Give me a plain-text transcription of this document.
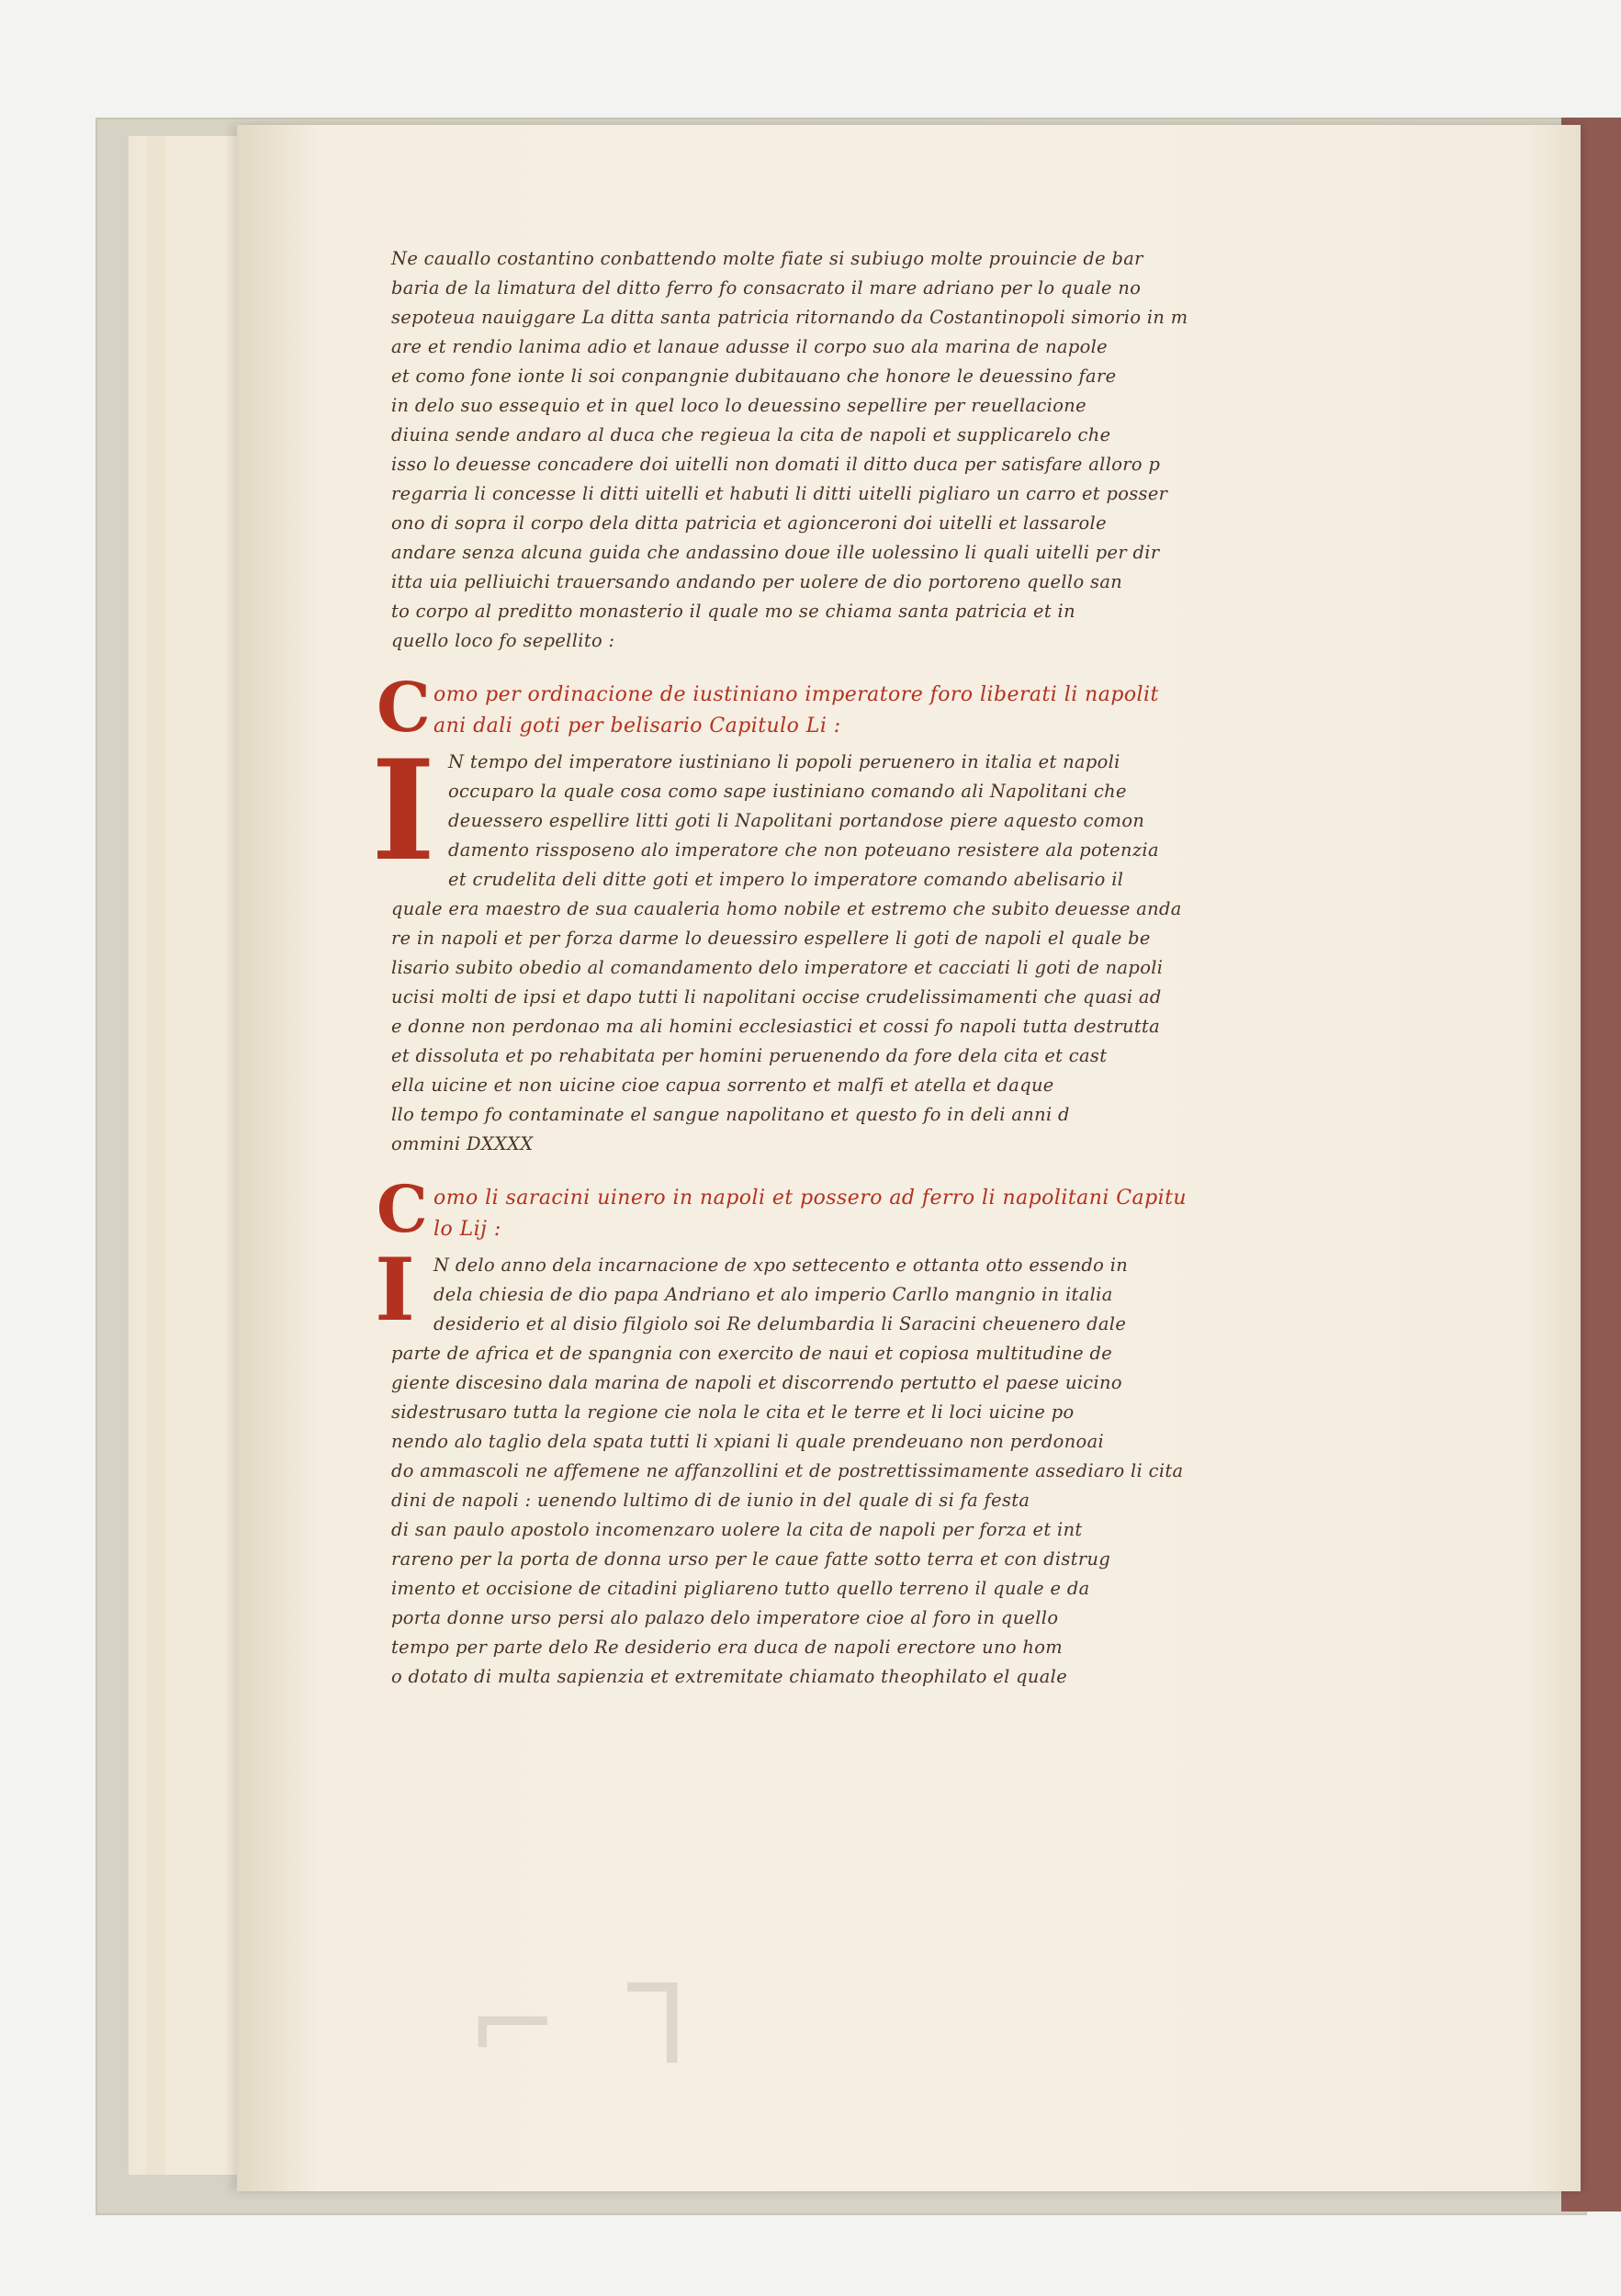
⌐ ⅂
Ne cauallo costantino conbattendo molte fiate si subiugo molte prouincie de bar
baria de la limatura del ditto ferro fo consacrato il mare adriano per lo quale no
sepoteua nauiggare La ditta santa patricia ritornando da Costantinopoli simorio in m
are et rendio lanima adio et lanaue adusse il corpo suo ala marina de napole
et como fone ionte li soi conpangnie dubitauano che honore le deuessino fare
in delo suo essequio et in quel loco lo deuessino sepellire per reuellacione
diuina sende andaro al duca che regieua la cita de napoli et supplicarelo che
isso lo deuesse concadere doi uitelli non domati il ditto duca per satisfare alloro p
regarria li concesse li ditti uitelli et habuti li ditti uitelli pigliaro un carro et posser
ono di sopra il corpo dela ditta patricia et agionceroni doi uitelli et lassarole
andare senza alcuna guida che andassino doue ille uolessino li quali uitelli per dir
itta uia pelliuichi trauersando andando per uolere de dio portoreno quello san
to corpo al preditto monasterio il quale mo se chiama santa patricia et in
quello loco fo sepellito :
C omo per ordinacione de iustiniano imperatore foro liberati li napolit
ani dali goti per belisario Capitulo Li :
I N tempo del imperatore iustiniano li popoli peruenero in italia et napoli
occuparo la quale cosa como sape iustiniano comando ali Napolitani che
deuessero espellire litti goti li Napolitani portandose piere aquesto comon
damento rissposeno alo imperatore che non poteuano resistere ala potenzia
et crudelita deli ditte goti et impero lo imperatore comando abelisario il
quale era maestro de sua caualeria homo nobile et estremo che subito deuesse anda
re in napoli et per forza darme lo deuessiro espellere li goti de napoli el quale be
lisario subito obedio al comandamento delo imperatore et cacciati li goti de napoli
ucisi molti de ipsi et dapo tutti li napolitani occise crudelissimamenti che quasi ad
e donne non perdonao ma ali homini ecclesiastici et cossi fo napoli tutta destrutta
et dissoluta et po rehabitata per homini peruenendo da fore dela cita et cast
ella uicine et non uicine cioe capua sorrento et malfi et atella et daque
llo tempo fo contaminate el sangue napolitano et questo fo in deli anni d
ommini DXXXX
C omo li saracini uinero in napoli et possero ad ferro li napolitani Capitu
lo Lij :
I	N delo anno dela incarnacione de xpo settecento e ottanta otto essendo in
dela chiesia de dio papa Andriano et alo imperio Carllo mangnio in italia
desiderio et al disio filgiolo soi Re delumbardia li Saracini cheuenero dale
parte de africa et de spangnia con exercito de naui et copiosa multitudine de
giente discesino dala marina de napoli et discorrendo pertutto el paese uicino
sidestrusaro tutta la regione cie nola le cita et le terre et li loci uicine po
nendo alo taglio dela spata tutti li xpiani li quale prendeuano non perdonoai
do ammascoli ne affemene ne affanzollini et de postrettissimamente assediaro li cita
dini de napoli : uenendo lultimo di de iunio in del quale di si fa festa
di san paulo apostolo incomenzaro uolere la cita de napoli per forza et int
rareno per la porta de donna urso per le caue fatte sotto terra et con distrug
imento et occisione de citadini pigliareno tutto quello terreno il quale e da
porta donne urso persi alo palazo delo imperatore cioe al foro in quello
tempo per parte delo Re desiderio era duca de napoli erectore uno hom
o dotato di multa sapienzia et extremitate chiamato theophilato el quale
